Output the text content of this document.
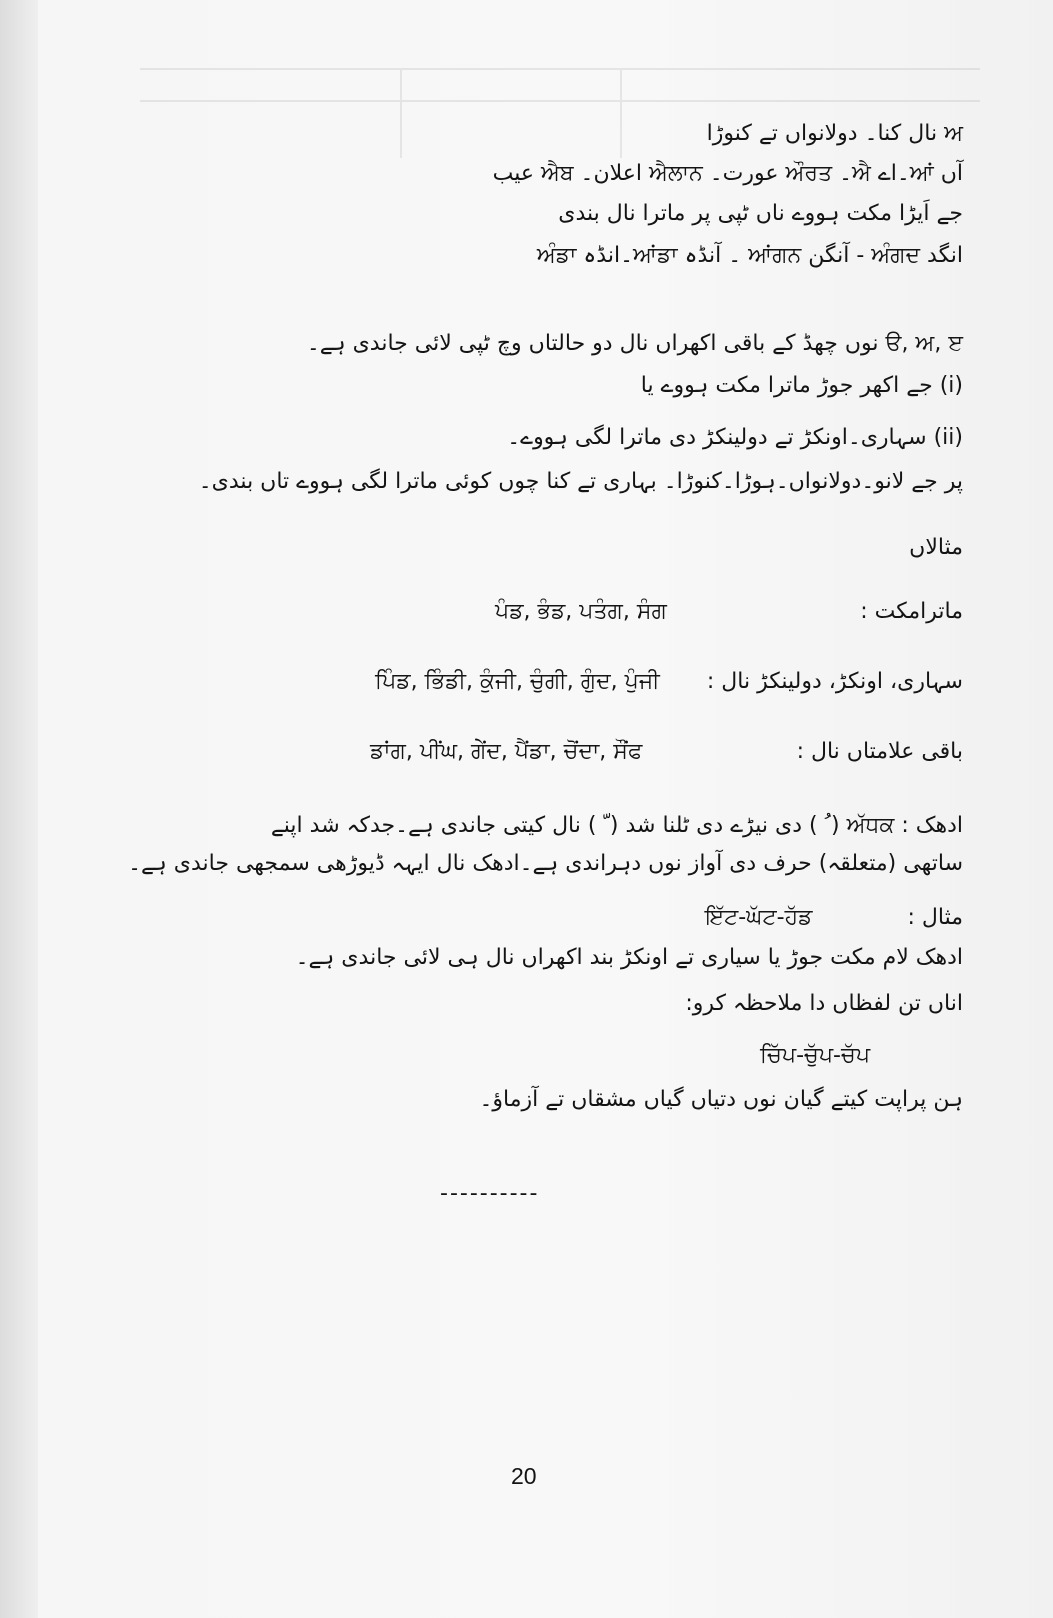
ਅ نال کنا۔ دولانواں تے کنوڑا
آں ਆਂ۔اے ਐ۔ ਔਰਤ عورت۔ ਐਲਾਨ اعلان۔ ਐਬ عیب
جے اَیڑا مکت ہووے ناں ٹپی پر ماترا نال بندی
انگد ਅੰਗਦ - آنگن ਆਂਗਨ ۔ آنڈہ ਆਂਡਾ۔انڈہ ਅੰਡਾ
ੳ, ਅ, ੲ نوں چھڈ کے باقی اکھراں نال دو حالتاں وچ ٹپی لائی جاندی ہے۔
(i) جے اکھر جوڑ ماترا مکت ہووے یا
(ii) سہاری۔اونکڑ تے دولینکڑ دی ماترا لگی ہووے۔
پر جے لانو۔دولانواں۔ہوڑا۔کنوڑا۔ بہاری تے کنا چوں کوئی ماترا لگی ہووے تاں بندی۔
مثالاں
ماترامکت :
ਪੰਡ, ਭੰਡ, ਪਤੰਗ, ਸੰਗ
سہاری، اونکڑ، دولینکڑ نال :
ਪਿੰਡ, ਭਿੰਡੀ, ਕੁੰਜੀ, ਚੁੰਗੀ, ਗੁੰਦ, ਪੁੰਜੀ
باقی علامتاں نال :
ਡਾਂਗ, ਪੀਂਘ, ਗੇਂਦ, ਪੈਂਡਾ, ਚੋਂਦਾ, ਸੌਂਫ
ادھک : ਅੱਧਕ ( ُ ) دی نیڑے دی ٹلنا شد ( ّ ) نال کیتی جاندی ہے۔جدکہ شد اپنے
ساتھی (متعلقہ) حرف دی آواز نوں دہراندی ہے۔ادھک نال ایہہ ڈیوڑھی سمجھی جاندی ہے۔
مثال :
ਇੱਟ-ਘੱਟ-ਹੱਡ
ادھک لام مکت جوڑ یا سیاری تے اونکڑ بند اکھراں نال ہی لائی جاندی ہے۔
اناں تن لفظاں دا ملاحظہ کرو:
ਚਿੱਪ-ਚੁੱਪ-ਚੱਪ
ہن پراپت کیتے گیان نوں دتیاں گیاں مشقاں تے آزماؤ۔
----------
20
